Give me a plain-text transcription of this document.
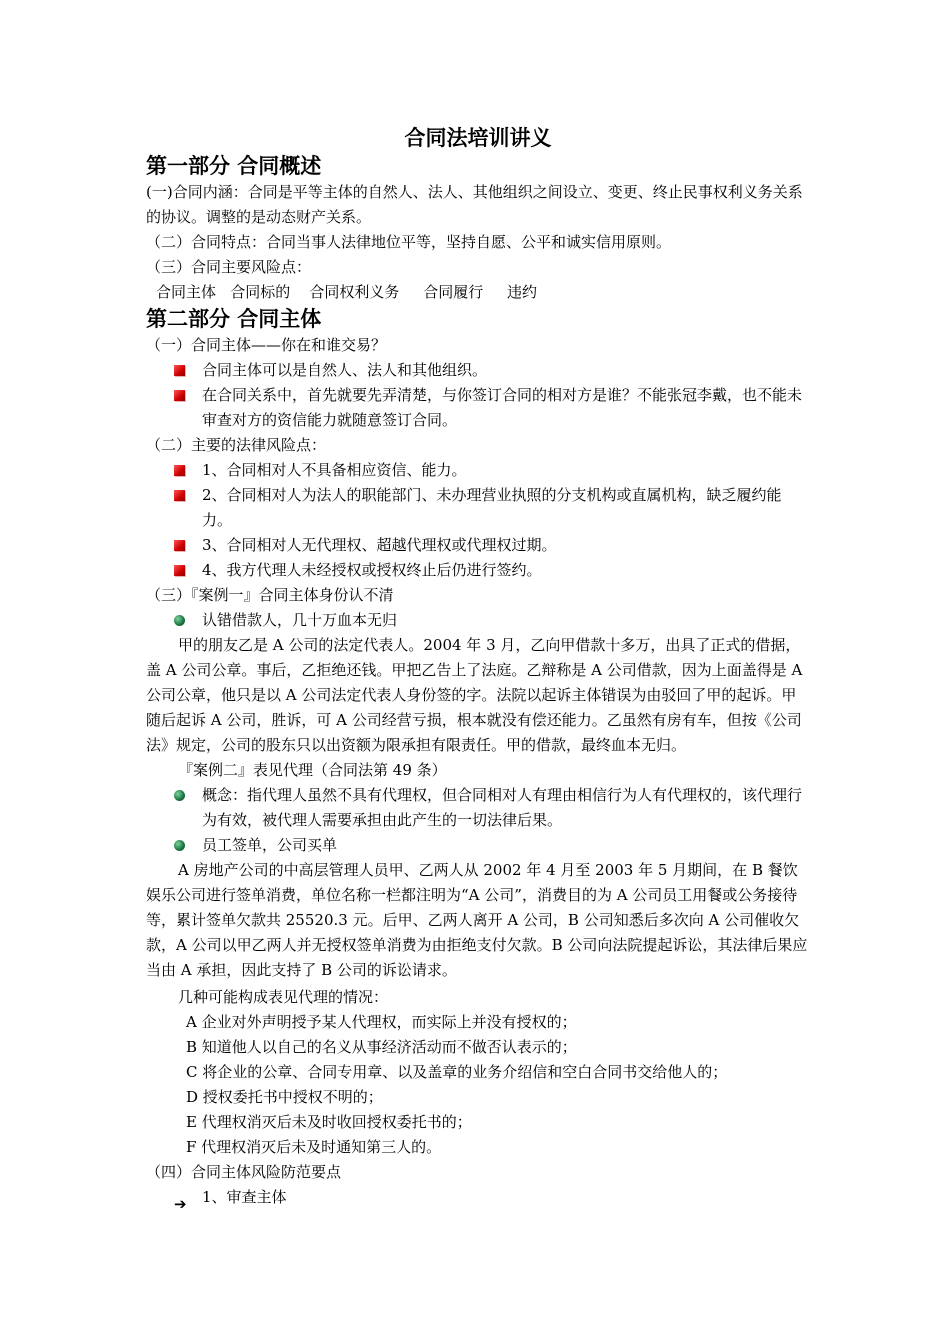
合同法培训讲义
第一部分 合同概述

(一)合同内涵：合同是平等主体的自然人、法人、其他组织之间设立、变更、终止民事权利义务关系的协议。调整的是动态财产关系。

（二）合同特点：合同当事人法律地位平等，坚持自愿、公平和诚实信用原则。

（三）合同主要风险点：

合同主体   合同标的    合同权利义务     合同履行     违约

第二部分 合同主体

（一）合同主体——你在和谁交易？

合同主体可以是自然人、法人和其他组织。
在合同关系中，首先就要先弄清楚，与你签订合同的相对方是谁？不能张冠李戴，也不能未审查对方的资信能力就随意签订合同。

（二）主要的法律风险点：

1、合同相对人不具备相应资信、能力。
2、合同相对人为法人的职能部门、未办理营业执照的分支机构或直属机构，缺乏履约能力。
3、合同相对人无代理权、超越代理权或代理权过期。
4、我方代理人未经授权或授权终止后仍进行签约。

（三）『案例一』合同主体身份认不清

认错借款人，几十万血本无归

甲的朋友乙是 A 公司的法定代表人。2004 年 3 月，乙向甲借款十多万，出具了正式的借据，盖 A 公司公章。事后，乙拒绝还钱。甲把乙告上了法庭。乙辩称是 A 公司借款，因为上面盖得是 A 公司公章，他只是以 A 公司法定代表人身份签的字。法院以起诉主体错误为由驳回了甲的起诉。甲随后起诉 A 公司，胜诉，可 A 公司经营亏损，根本就没有偿还能力。乙虽然有房有车，但按《公司法》规定，公司的股东只以出资额为限承担有限责任。甲的借款，最终血本无归。

『案例二』表见代理（合同法第 49 条）

概念：指代理人虽然不具有代理权，但合同相对人有理由相信行为人有代理权的，该代理行为有效，被代理人需要承担由此产生的一切法律后果。
员工签单，公司买单

A 房地产公司的中高层管理人员甲、乙两人从 2002 年 4 月至 2003 年 5 月期间，在 B 餐饮娱乐公司进行签单消费，单位名称一栏都注明为“A 公司”，消费目的为 A 公司员工用餐或公务接待等，累计签单欠款共 25520.3 元。后甲、乙两人离开 A 公司，B 公司知悉后多次向 A 公司催收欠款，A 公司以甲乙两人并无授权签单消费为由拒绝支付欠款。B 公司向法院提起诉讼，其法律后果应当由 A 承担，因此支持了 B 公司的诉讼请求。

几种可能构成表见代理的情况：

A 企业对外声明授予某人代理权，而实际上并没有授权的；

B 知道他人以自己的名义从事经济活动而不做否认表示的；

C 将企业的公章、合同专用章、以及盖章的业务介绍信和空白合同书交给他人的；

D 授权委托书中授权不明的；

E 代理权消灭后未及时收回授权委托书的；

F 代理权消灭后未及时通知第三人的。

（四）合同主体风险防范要点

➔ 1、审查主体
